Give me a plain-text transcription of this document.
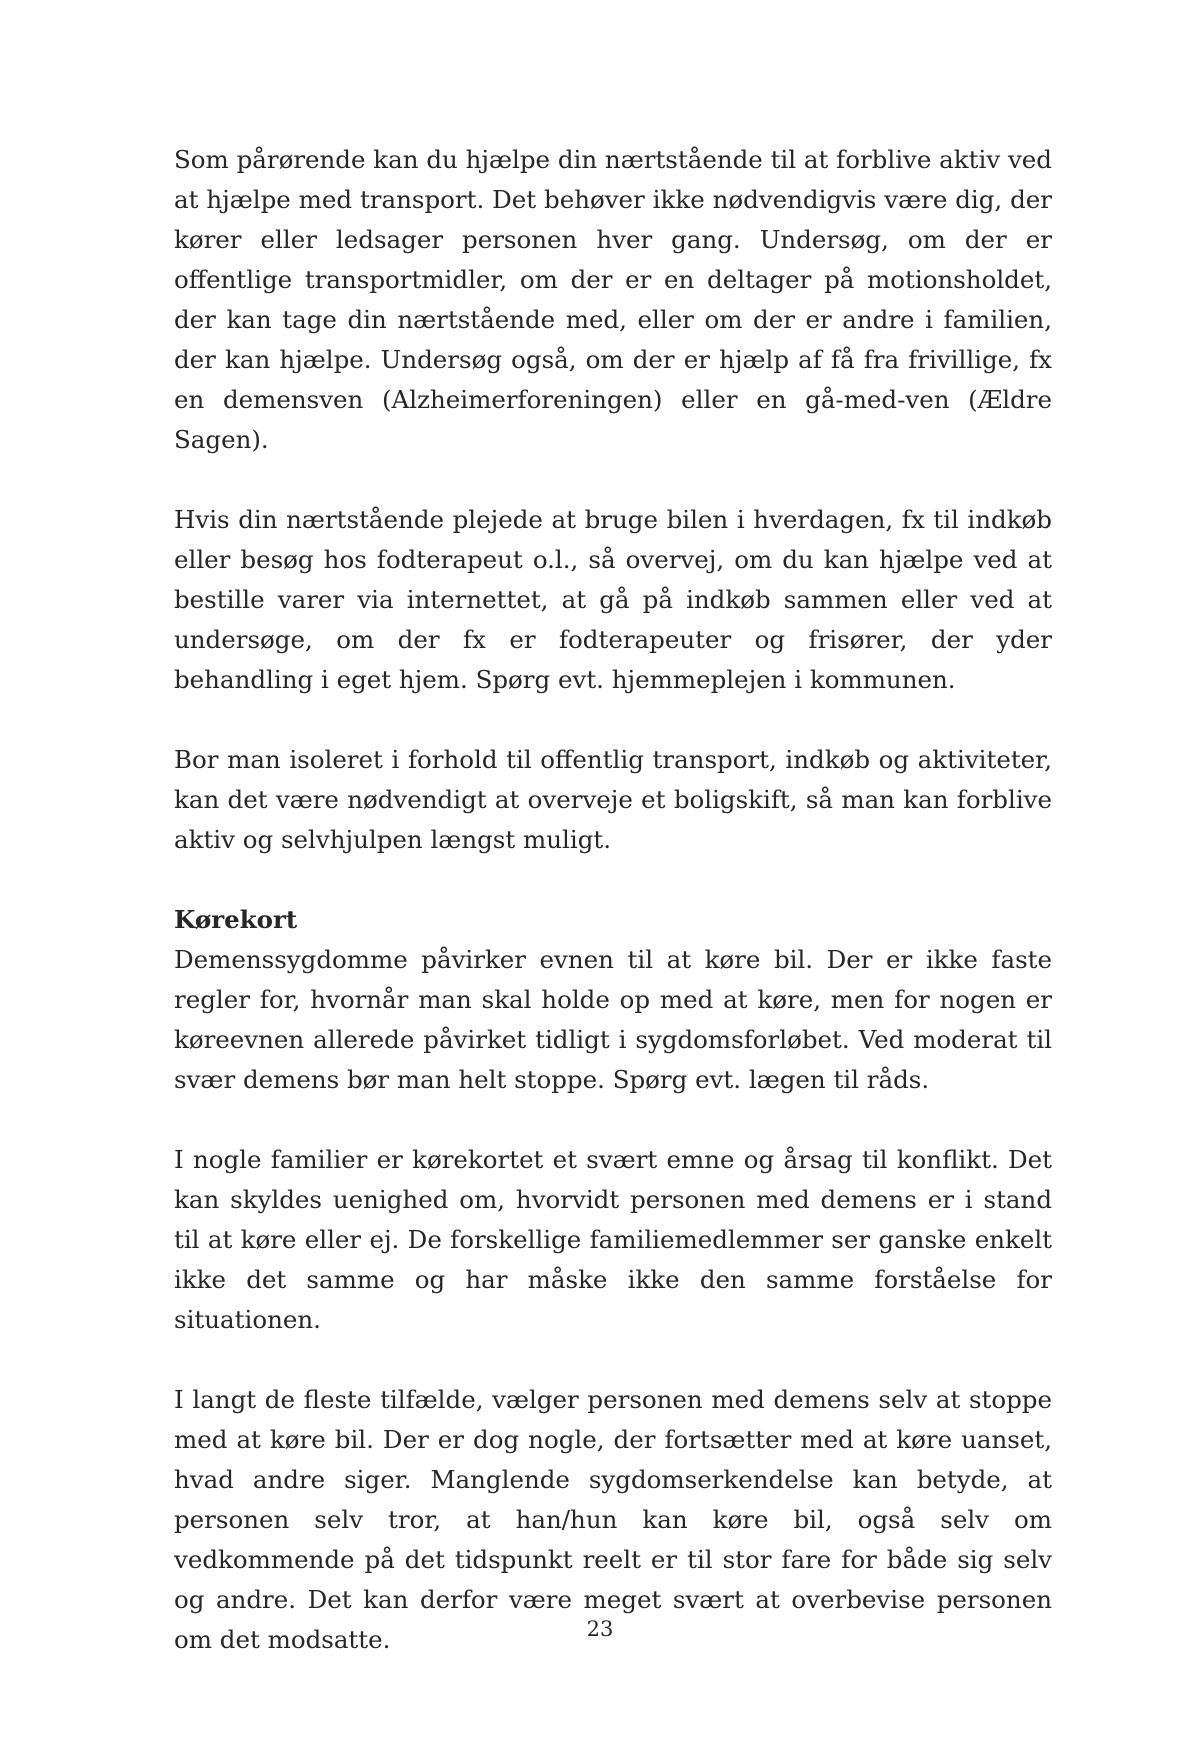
Som pårørende kan du hjælpe din nærtstående til at forblive aktiv ved at hjælpe med transport. Det behøver ikke nødvendigvis være dig, der kører eller ledsager personen hver gang. Undersøg, om der er offentlige transportmidler, om der er en deltager på motionsholdet, der kan tage din nærtstående med, eller om der er andre i familien, der kan hjælpe. Undersøg også, om der er hjælp af få fra frivillige, fx en demensven (Alzheimerforeningen) eller en gå-med-ven (Ældre Sagen).

Hvis din nærtstående plejede at bruge bilen i hverdagen, fx til indkøb eller besøg hos fodterapeut o.l., så overvej, om du kan hjælpe ved at bestille varer via internettet, at gå på indkøb sammen eller ved at undersøge, om der fx er fodterapeuter og frisører, der yder behandling i eget hjem. Spørg evt. hjemmeplejen i kommunen.

Bor man isoleret i forhold til offentlig transport, indkøb og aktiviteter, kan det være nødvendigt at overveje et boligskift, så man kan forblive aktiv og selvhjulpen længst muligt.

Kørekort

Demenssygdomme påvirker evnen til at køre bil. Der er ikke faste regler for, hvornår man skal holde op med at køre, men for nogen er køreevnen allerede påvirket tidligt i sygdomsforløbet. Ved moderat til svær demens bør man helt stoppe. Spørg evt. lægen til råds.

I nogle familier er kørekortet et svært emne og årsag til konflikt. Det kan skyldes uenighed om, hvorvidt personen med demens er i stand til at køre eller ej. De forskellige familiemedlemmer ser ganske enkelt ikke det samme og har måske ikke den samme forståelse for situationen.

I langt de fleste tilfælde, vælger personen med demens selv at stoppe med at køre bil. Der er dog nogle, der fortsætter med at køre uanset, hvad andre siger. Manglende sygdomserkendelse kan betyde, at personen selv tror, at han/hun kan køre bil, også selv om vedkommende på det tidspunkt reelt er til stor fare for både sig selv og andre. Det kan derfor være meget svært at overbevise personen om det modsatte.	23
